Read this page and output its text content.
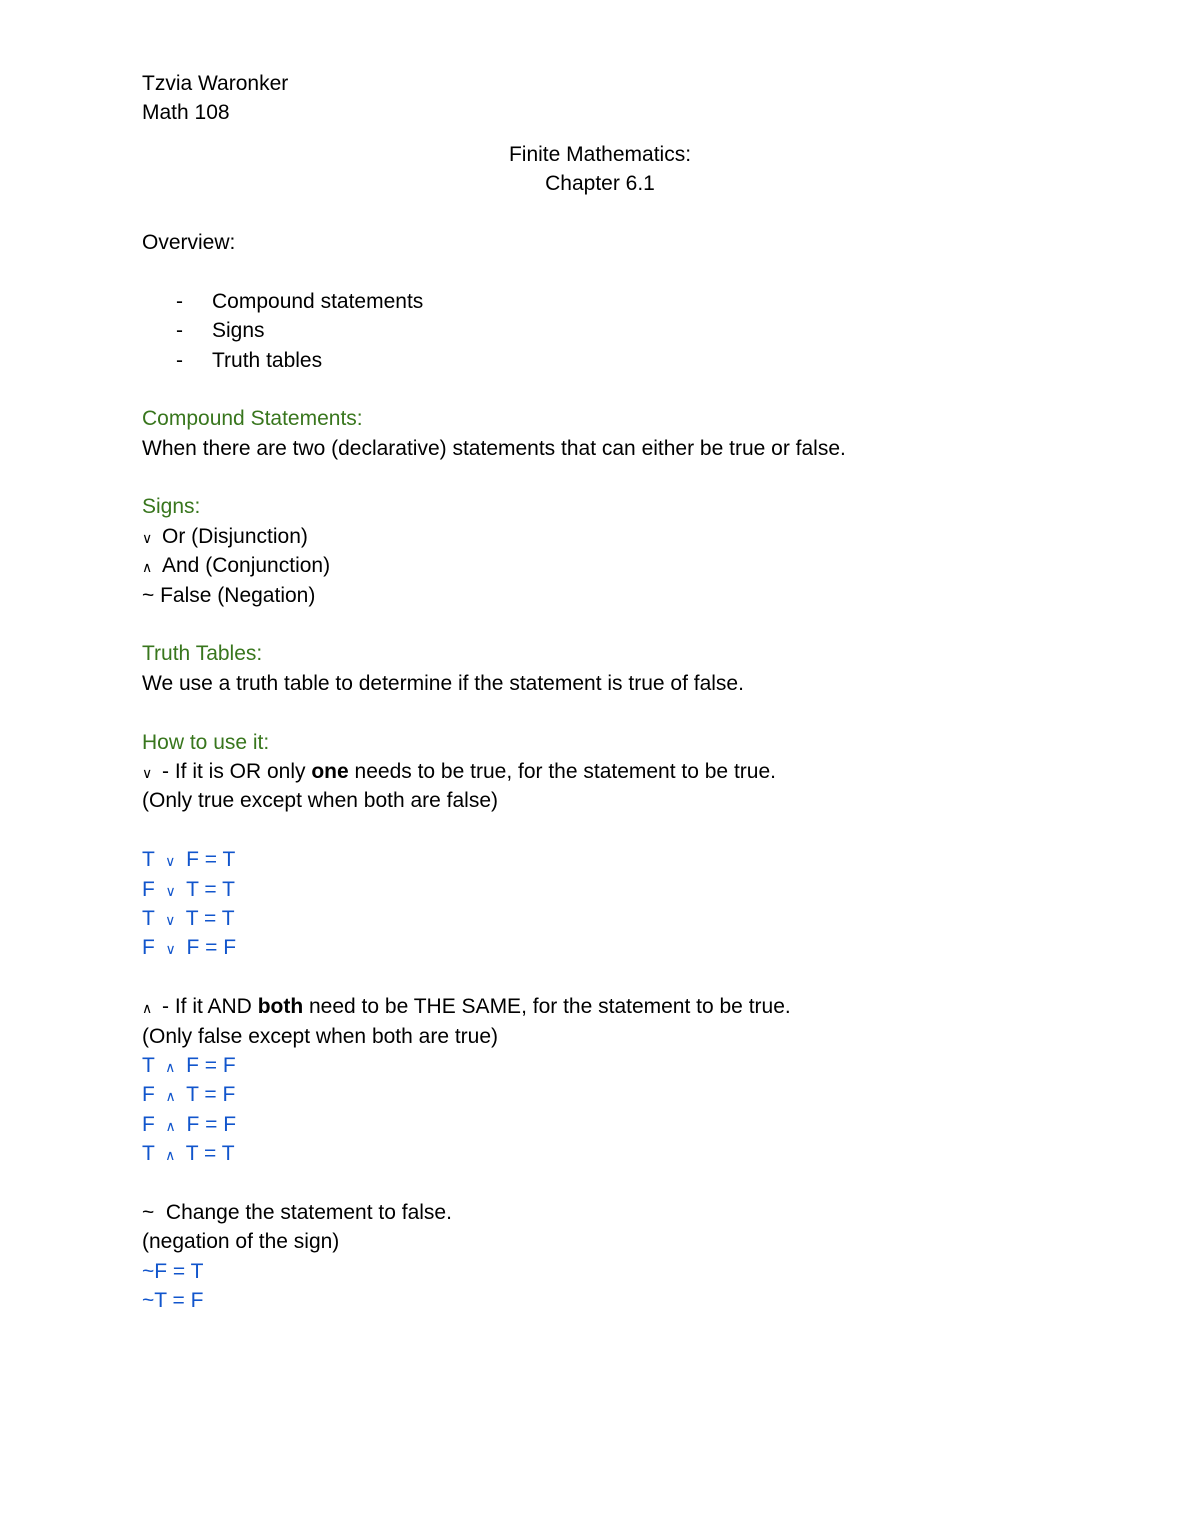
Tzvia Waronker
Math 108
Finite Mathematics:
Chapter 6.1
Overview:
- Compound statements
- Signs
- Truth tables
Compound Statements:
When there are two (declarative) statements that can either be true or false.
Signs:
∨ Or (Disjunction)
∧ And (Conjunction)
~ False (Negation)
Truth Tables:
We use a truth table to determine if the statement is true of false.
How to use it:
∨ - If it is OR only one needs to be true, for the statement to be true.
(Only true except when both are false)
T ∨ F = T
F ∨ T = T
T ∨ T = T
F ∨ F = F
∧ - If it AND both need to be THE SAME, for the statement to be true.
(Only false except when both are true)
T ∧ F = F
F ∧ T = F
F ∧ F = F
T ∧ T = T
~  Change the statement to false.
(negation of the sign)
~F = T
~T = F
